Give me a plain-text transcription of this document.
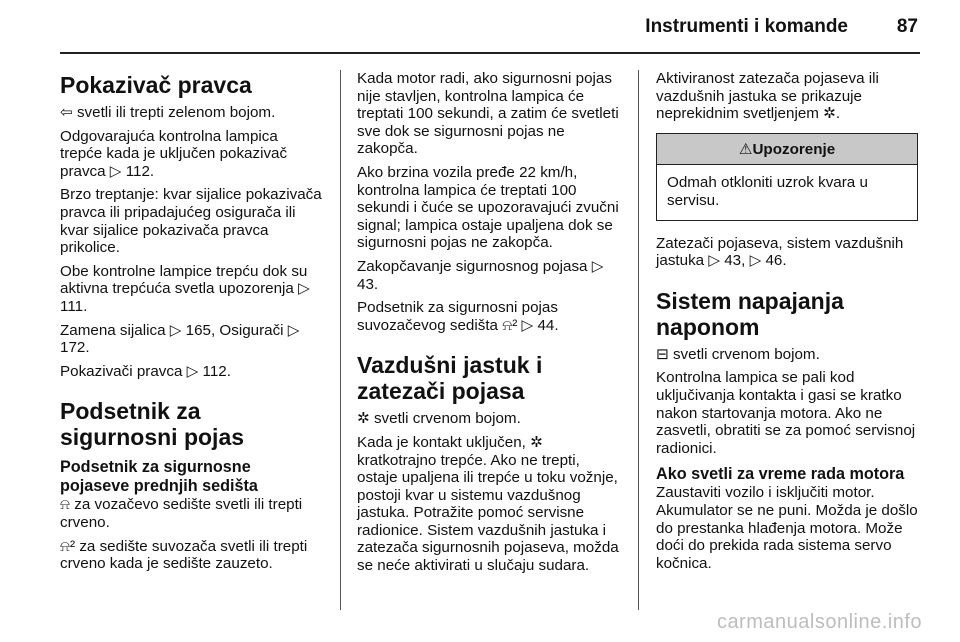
Instrumenti i komande	87
Pokazivač pravca

⇦ svetli ili trepti zelenom bojom.

Odgovarajuća kontrolna lampica trepće kada je uključen pokazivač pravca ▷ 112.

Brzo treptanje: kvar sijalice pokazivača pravca ili pripadajućeg osigurača ili kvar sijalice pokazivača pravca prikolice.

Obe kontrolne lampice trepću dok su aktivna trepćuća svetla upozorenja ▷ 111.

Zamena sijalica ▷ 165, Osigurači ▷ 172.

Pokazivači pravca ▷ 112.

Podsetnik za sigurnosni pojas
Podsetnik za sigurnosne pojaseve prednjih sedišta

⍾ za vozačevo sedište svetli ili trepti crveno.

⍾² za sedište suvozača svetli ili trepti crveno kada je sedište zauzeto.

Kada motor radi, ako sigurnosni pojas nije stavljen, kontrolna lampica će treptati 100 sekundi, a zatim će svetleti sve dok se sigurnosni pojas ne zakopča.

Ako brzina vozila pređe 22 km/h, kontrolna lampica će treptati 100 sekundi i čuće se upozoravajući zvučni signal; lampica ostaje upaljena dok se sigurnosni pojas ne zakopča.

Zakopčavanje sigurnosnog pojasa ▷ 43.

Podsetnik za sigurnosni pojas suvozačevog sedišta ⍾² ▷ 44.

Vazdušni jastuk i zatezači pojasa

✲ svetli crvenom bojom.

Kada je kontakt uključen, ✲ kratkotrajno trepće. Ako ne trepti, ostaje upaljena ili trepće u toku vožnje, postoji kvar u sistemu vazdušnog jastuka. Potražite pomoć servisne radionice. Sistem vazdušnih jastuka i zatezača sigurnosnih pojaseva, možda se neće aktivirati u slučaju sudara.

Aktiviranost zatezača pojaseva ili vazdušnih jastuka se prikazuje neprekidnim svetljenjem ✲.

⚠Upozorenje
Odmah otkloniti uzrok kvara u servisu.

Zatezači pojaseva, sistem vazdušnih jastuka ▷ 43, ▷ 46.

Sistem napajanja naponom

⊟ svetli crvenom bojom.

Kontrolna lampica se pali kod uključivanja kontakta i gasi se kratko nakon startovanja motora. Ako ne zasvetli, obratiti se za pomoć servisnoj radionici.

Ako svetli za vreme rada motora

Zaustaviti vozilo i isključiti motor. Akumulator se ne puni. Možda je došlo do prestanka hlađenja motora. Može doći do prekida rada sistema servo kočnica.

carmanualsonline.info
